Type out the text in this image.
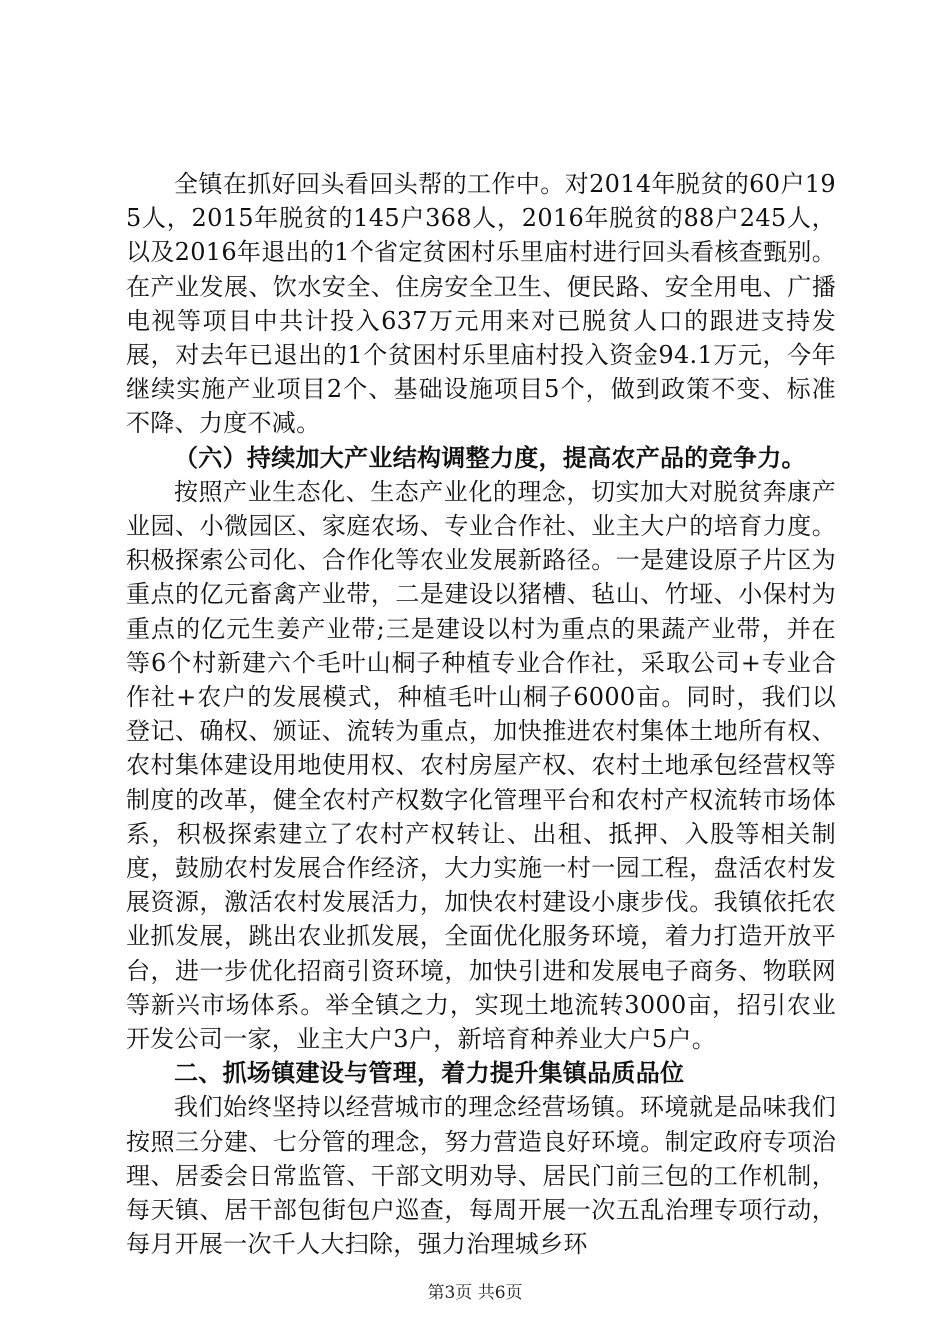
全镇在抓好回头看回头帮的工作中。对2014年脱贫的60户195人，2015年脱贫的145户368人，2016年脱贫的88户245人，以及2016年退出的1个省定贫困村乐里庙村进行回头看核查甄别。在产业发展、饮水安全、住房安全卫生、便民路、安全用电、广播电视等项目中共计投入637万元用来对已脱贫人口的跟进支持发展，对去年已退出的1个贫困村乐里庙村投入资金94.1万元，今年继续实施产业项目2个、基础设施项目5个，做到政策不变、标准不降、力度不减。

（六）持续加大产业结构调整力度，提高农产品的竞争力。

按照产业生态化、生态产业化的理念，切实加大对脱贫奔康产业园、小微园区、家庭农场、专业合作社、业主大户的培育力度。积极探索公司化、合作化等农业发展新路径。一是建设原子片区为重点的亿元畜禽产业带，二是建设以猪槽、毡山、竹垭、小保村为重点的亿元生姜产业带;三是建设以村为重点的果蔬产业带，并在等6个村新建六个毛叶山桐子种植专业合作社，采取公司+专业合作社+农户的发展模式，种植毛叶山桐子6000亩。同时，我们以登记、确权、颁证、流转为重点，加快推进农村集体土地所有权、农村集体建设用地使用权、农村房屋产权、农村土地承包经营权等制度的改革，健全农村产权数字化管理平台和农村产权流转市场体系，积极探索建立了农村产权转让、出租、抵押、入股等相关制度，鼓励农村发展合作经济，大力实施一村一园工程，盘活农村发展资源，激活农村发展活力，加快农村建设小康步伐。我镇依托农业抓发展，跳出农业抓发展，全面优化服务环境，着力打造开放平台，进一步优化招商引资环境，加快引进和发展电子商务、物联网等新兴市场体系。举全镇之力，实现土地流转3000亩，招引农业开发公司一家，业主大户3户，新培育种养业大户5户。

二、抓场镇建设与管理，着力提升集镇品质品位

我们始终坚持以经营城市的理念经营场镇。环境就是品味我们按照三分建、七分管的理念，努力营造良好环境。制定政府专项治理、居委会日常监管、干部文明劝导、居民门前三包的工作机制，每天镇、居干部包街包户巡查，每周开展一次五乱治理专项行动，每月开展一次千人大扫除，强力治理城乡环

第3页 共6页
